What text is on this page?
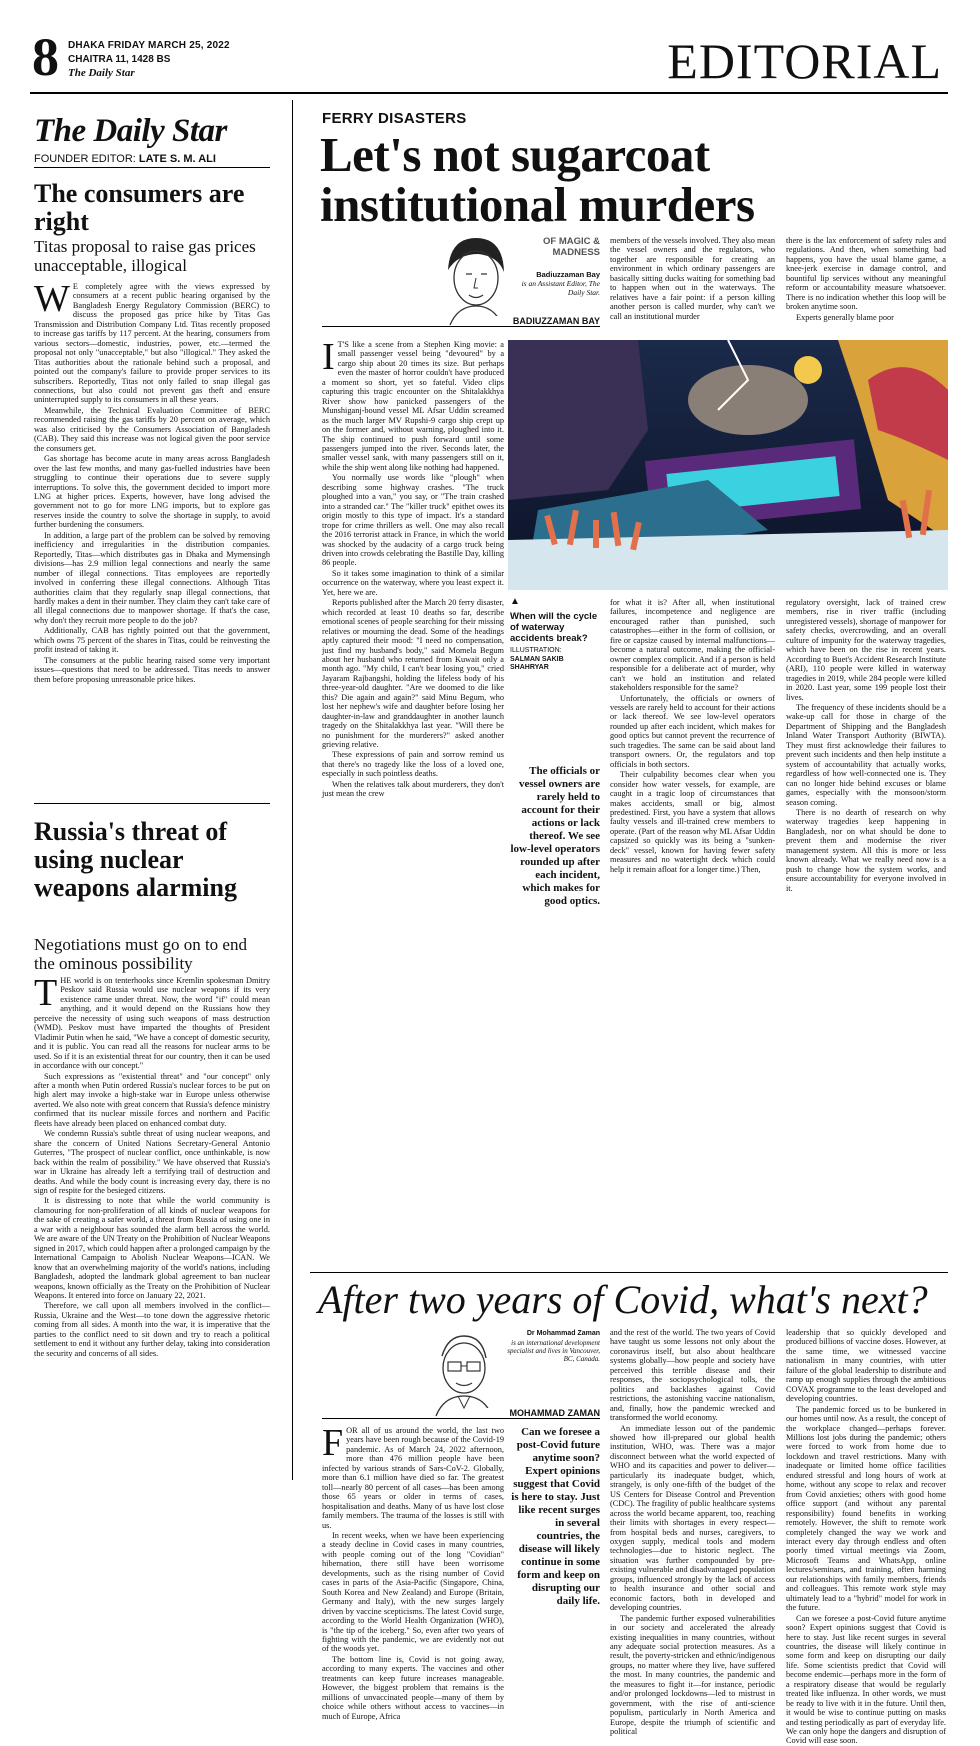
8 DHAKA FRIDAY MARCH 25, 2022
CHAITRA 11, 1428 BS
The Daily Star	EDITORIAL
The Daily Star
FOUNDER EDITOR: LATE S. M. ALI
The consumers are right
Titas proposal to raise gas prices unacceptable, illogical
W E completely agree with the views expressed by consumers at a recent public hearing organised by the Bangladesh Energy Regulatory Commission (BERC) to discuss the proposed gas price hike by Titas Gas Transmission and Distribution Company Ltd. Titas recently proposed to increase gas tariffs by 117 percent. At the hearing, consumers from various sectors—domestic, industries, power, etc.—termed the proposal not only "unacceptable," but also "illogical." They asked the Titas authorities about the rationale behind such a proposal, and pointed out the company's failure to provide proper services to its subscribers. Reportedly, Titas not only failed to snap illegal gas connections, but also could not prevent gas theft and ensure uninterrupted supply to its consumers in all these years.

Meanwhile, the Technical Evaluation Committee of BERC recommended raising the gas tariffs by 20 percent on average, which was also criticised by the Consumers Association of Bangladesh (CAB). They said this increase was not logical given the poor service the consumers get.

Gas shortage has become acute in many areas across Bangladesh over the last few months, and many gas-fuelled industries have been struggling to continue their operations due to severe supply interruptions. To solve this, the government decided to import more LNG at higher prices. Experts, however, have long advised the government not to go for more LNG imports, but to explore gas reserves inside the country to solve the shortage in supply, to avoid further burdening the consumers.

In addition, a large part of the problem can be solved by removing inefficiency and irregularities in the distribution companies. Reportedly, Titas—which distributes gas in Dhaka and Mymensingh divisions—has 2.9 million legal connections and nearly the same number of illegal connections. Titas employees are reportedly involved in conferring these illegal connections. Although Titas authorities claim that they regularly snap illegal connections, that hardly makes a dent in their number. They claim they can't take care of all illegal connections due to manpower shortage. If that's the case, why don't they recruit more people to do the job?

Additionally, CAB has rightly pointed out that the government, which owns 75 percent of the shares in Titas, could be reinvesting the profit instead of taking it.

The consumers at the public hearing raised some very important issues—questions that need to be addressed. Titas needs to answer them before proposing unreasonable price hikes.

Russia's threat of using nuclear weapons alarming
Negotiations must go on to end the ominous possibility
T HE world is on tenterhooks since Kremlin spokesman Dmitry Peskov said Russia would use nuclear weapons if its very existence came under threat. Now, the word "if" could mean anything, and it would depend on the Russians how they perceive the necessity of using such weapons of mass destruction (WMD). Peskov must have imparted the thoughts of President Vladimir Putin when he said, "We have a concept of domestic security, and it is public. You can read all the reasons for nuclear arms to be used. So if it is an existential threat for our country, then it can be used in accordance with our concept."

Such expressions as "existential threat" and "our concept" only after a month when Putin ordered Russia's nuclear forces to be put on high alert may invoke a high-stake war in Europe unless otherwise averted. We also note with great concern that Russia's defence ministry confirmed that its nuclear missile forces and northern and Pacific fleets have already been placed on enhanced combat duty.

We condemn Russia's subtle threat of using nuclear weapons, and share the concern of United Nations Secretary-General Antonio Guterres, "The prospect of nuclear conflict, once unthinkable, is now back within the realm of possibility." We have observed that Russia's war in Ukraine has already left a terrifying trail of destruction and deaths. And while the body count is increasing every day, there is no sign of respite for the besieged citizens.

It is distressing to note that while the world community is clamouring for non-proliferation of all kinds of nuclear weapons for the sake of creating a safer world, a threat from Russia of using one in a war with a neighbour has sounded the alarm bell across the world. We are aware of the UN Treaty on the Prohibition of Nuclear Weapons signed in 2017, which could happen after a prolonged campaign by the International Campaign to Abolish Nuclear Weapons—ICAN. We know that an overwhelming majority of the world's nations, including Bangladesh, adopted the landmark global agreement to ban nuclear weapons, known officially as the Treaty on the Prohibition of Nuclear Weapons. It entered into force on January 22, 2021.

Therefore, we call upon all members involved in the conflict—Russia, Ukraine and the West—to tone down the aggressive rhetoric coming from all sides. A month into the war, it is imperative that the parties to the conflict need to sit down and try to reach a political settlement to end it without any further delay, taking into consideration the security and concerns of all sides.

FERRY DISASTERS
Let's not sugarcoat institutional murders
OF MAGIC & MADNESS
Badiuzzaman Bay
is an Assistant Editor, The Daily Star.
BADIUZZAMAN BAY
I T'S like a scene from a Stephen King movie: a small passenger vessel being "devoured" by a cargo ship about 20 times its size. But perhaps even the master of horror couldn't have produced a moment so short, yet so fateful. Video clips capturing this tragic encounter on the Shitalakkhya River show how panicked passengers of the Munshiganj-bound vessel ML Afsar Uddin screamed as the much larger MV Rupshi-9 cargo ship crept up on the former and, without warning, ploughed into it. The ship continued to push forward until some passengers jumped into the river. Seconds later, the smaller vessel sank, with many passengers still on it, while the ship went along like nothing had happened.

You normally use words like "plough" when describing some highway crashes. "The truck ploughed into a van," you say, or "The train crashed into a stranded car." The "killer truck" epithet owes its origin mostly to this type of impact. It's a standard trope for crime thrillers as well. One may also recall the 2016 terrorist attack in France, in which the world was shocked by the audacity of a cargo truck being driven into crowds celebrating the Bastille Day, killing 86 people.

So it takes some imagination to think of a similar occurrence on the waterway, where you least expect it. Yet, here we are.

Reports published after the March 20 ferry disaster, which recorded at least 10 deaths so far, describe emotional scenes of people searching for their missing relatives or mourning the dead. Some of the headings aptly captured their mood: "I need no compensation, just find my husband's body," said Momela Begum about her husband who returned from Kuwait only a month ago. "My child, I can't bear losing you," cried Jayaram Rajbangshi, holding the lifeless body of his three-year-old daughter. "Are we doomed to die like this? Die again and again?" said Minu Begum, who lost her nephew's wife and daughter before losing her daughter-in-law and granddaughter in another launch tragedy on the Shitalakkhya last year. "Will there be no punishment for the murderers?" asked another grieving relative.

These expressions of pain and sorrow remind us that there's no tragedy like the loss of a loved one, especially in such pointless deaths.

When the relatives talk about murderers, they don't just mean the crew

members of the vessels involved. They also mean the vessel owners and the regulators, who together are responsible for creating an environment in which ordinary passengers are basically sitting ducks waiting for something bad to happen when out in the waterways. The relatives have a fair point: if a person killing another person is called murder, why can't we call an institutional murder

there is the lax enforcement of safety rules and regulations. And then, when something bad happens, you have the usual blame game, a knee-jerk exercise in damage control, and bountiful lip services without any meaningful reform or accountability measure whatsoever. There is no indication whether this loop will be broken anytime soon.

Experts generally blame poor

▲
When will the cycle of waterway accidents break?
ILLUSTRATION:
SALMAN SAKIB SHAHRYAR
The officials or vessel owners are rarely held to account for their actions or lack thereof. We see low-level operators rounded up after each incident, which makes for good optics.

for what it is? After all, when institutional failures, incompetence and negligence are encouraged rather than punished, such catastrophes—either in the form of collision, or fire or capsize caused by internal malfunctions—become a natural outcome, making the official-owner complex complicit. And if a person is held responsible for a deliberate act of murder, why can't we hold an institution and related stakeholders responsible for the same?

Unfortunately, the officials or owners of vessels are rarely held to account for their actions or lack thereof. We see low-level operators rounded up after each incident, which makes for good optics but cannot prevent the recurrence of such tragedies. The same can be said about land transport owners. Or, the regulators and top officials in both sectors.

Their culpability becomes clear when you consider how water vessels, for example, are caught in a tragic loop of circumstances that makes accidents, small or big, almost predestined. First, you have a system that allows faulty vessels and ill-trained crew members to operate. (Part of the reason why ML Afsar Uddin capsized so quickly was its being a "sunken-deck" vessel, known for having fewer safety measures and no watertight deck which could help it remain afloat for a longer time.) Then,

regulatory oversight, lack of trained crew members, rise in river traffic (including unregistered vessels), shortage of manpower for safety checks, overcrowding, and an overall culture of impunity for the waterway tragedies, which have been on the rise in recent years. According to Buet's Accident Research Institute (ARI), 110 people were killed in waterway tragedies in 2019, while 284 people were killed in 2020. Last year, some 199 people lost their lives.

The frequency of these incidents should be a wake-up call for those in charge of the Department of Shipping and the Bangladesh Inland Water Transport Authority (BIWTA). They must first acknowledge their failures to prevent such incidents and then help institute a system of accountability that actually works, regardless of how well-connected one is. They can no longer hide behind excuses or blame games, especially with the monsoon/storm season coming.

There is no dearth of research on why waterway tragedies keep happening in Bangladesh, nor on what should be done to prevent them and modernise the river management system. All this is more or less known already. What we really need now is a push to change how the system works, and ensure accountability for everyone involved in it.

After two years of Covid, what's next?
Dr Mohammad Zaman
is an international development specialist and lives in Vancouver, BC, Canada.
MOHAMMAD ZAMAN
F OR all of us around the world, the last two years have been rough because of the Covid-19 pandemic. As of March 24, 2022 afternoon, more than 476 million people have been infected by various strands of Sars-CoV-2. Globally, more than 6.1 million have died so far. The greatest toll—nearly 80 percent of all cases—has been among those 65 years or older in terms of cases, hospitalisation and deaths. Many of us have lost close family members. The trauma of the losses is still with us.

In recent weeks, when we have been experiencing a steady decline in Covid cases in many countries, with people coming out of the long "Covidian" hibernation, there still have been worrisome developments, such as the rising number of Covid cases in parts of the Asia-Pacific (Singapore, China, South Korea and New Zealand) and Europe (Britain, Germany and Italy), with the new surges largely driven by vaccine scepticisms. The latest Covid surge, according to the World Health Organization (WHO), is "the tip of the iceberg." So, even after two years of fighting with the pandemic, we are evidently not out of the woods yet.

The bottom line is, Covid is not going away, according to many experts. The vaccines and other treatments can keep future increases manageable. However, the biggest problem that remains is the millions of unvaccinated people—many of them by choice while others without access to vaccines—in much of Europe, Africa

Can we foresee a post-Covid future anytime soon? Expert opinions suggest that Covid is here to stay. Just like recent surges in several countries, the disease will likely continue in some form and keep on disrupting our daily life.

and the rest of the world. The two years of Covid have taught us some lessons not only about the coronavirus itself, but also about healthcare systems globally—how people and society have perceived this terrible disease and their responses, the sociopsychological tolls, the politics and backlashes against Covid restrictions, the astonishing vaccine nationalism, and, finally, how the pandemic wrecked and transformed the world economy.

An immediate lesson out of the pandemic showed how ill-prepared our global health institution, WHO, was. There was a major disconnect between what the world expected of WHO and its capacities and power to deliver—particularly its inadequate budget, which, strangely, is only one-fifth of the budget of the US Centers for Disease Control and Prevention (CDC). The fragility of public healthcare systems across the world became apparent, too, reaching their limits with shortages in every respect—from hospital beds and nurses, caregivers, to oxygen supply, medical tools and modern technologies—due to historic neglect. The situation was further compounded by pre-existing vulnerable and disadvantaged population groups, influenced strongly by the lack of access to health insurance and other social and economic factors, both in developed and developing countries.

The pandemic further exposed vulnerabilities in our society and accelerated the already existing inequalities in many countries, without any adequate social protection measures. As a result, the poverty-stricken and ethnic/indigenous groups, no matter where they live, have suffered the most. In many countries, the pandemic and the measures to fight it—for instance, periodic and/or prolonged lockdowns—led to mistrust in government, with the rise of anti-science populism, particularly in North America and Europe, despite the triumph of scientific and political

leadership that so quickly developed and produced billions of vaccine doses. However, at the same time, we witnessed vaccine nationalism in many countries, with utter failure of the global leadership to distribute and ramp up enough supplies through the ambitious COVAX programme to the least developed and developing countries.

The pandemic forced us to be bunkered in our homes until now. As a result, the concept of the workplace changed—perhaps forever. Millions lost jobs during the pandemic; others were forced to work from home due to lockdown and travel restrictions. Many with inadequate or limited home office facilities endured stressful and long hours of work at home, without any scope to relax and recover from Covid anxieties; others with good home office support (and without any parental responsibility) found benefits in working remotely. However, the shift to remote work completely changed the way we work and interact every day through endless and often poorly timed virtual meetings via Zoom, Microsoft Teams and WhatsApp, online lectures/seminars, and training, often harming our relationships with family members, friends and colleagues. This remote work style may ultimately lead to a "hybrid" model for work in the future.

Can we foresee a post-Covid future anytime soon? Expert opinions suggest that Covid is here to stay. Just like recent surges in several countries, the disease will likely continue in some form and keep on disrupting our daily life. Some scientists predict that Covid will become endemic—perhaps more in the form of a respiratory disease that would be regularly treated like influenza. In other words, we must be ready to live with it in the future. Until then, it would be wise to continue putting on masks and testing periodically as part of everyday life. We can only hope the dangers and disruption of Covid will ease soon.
